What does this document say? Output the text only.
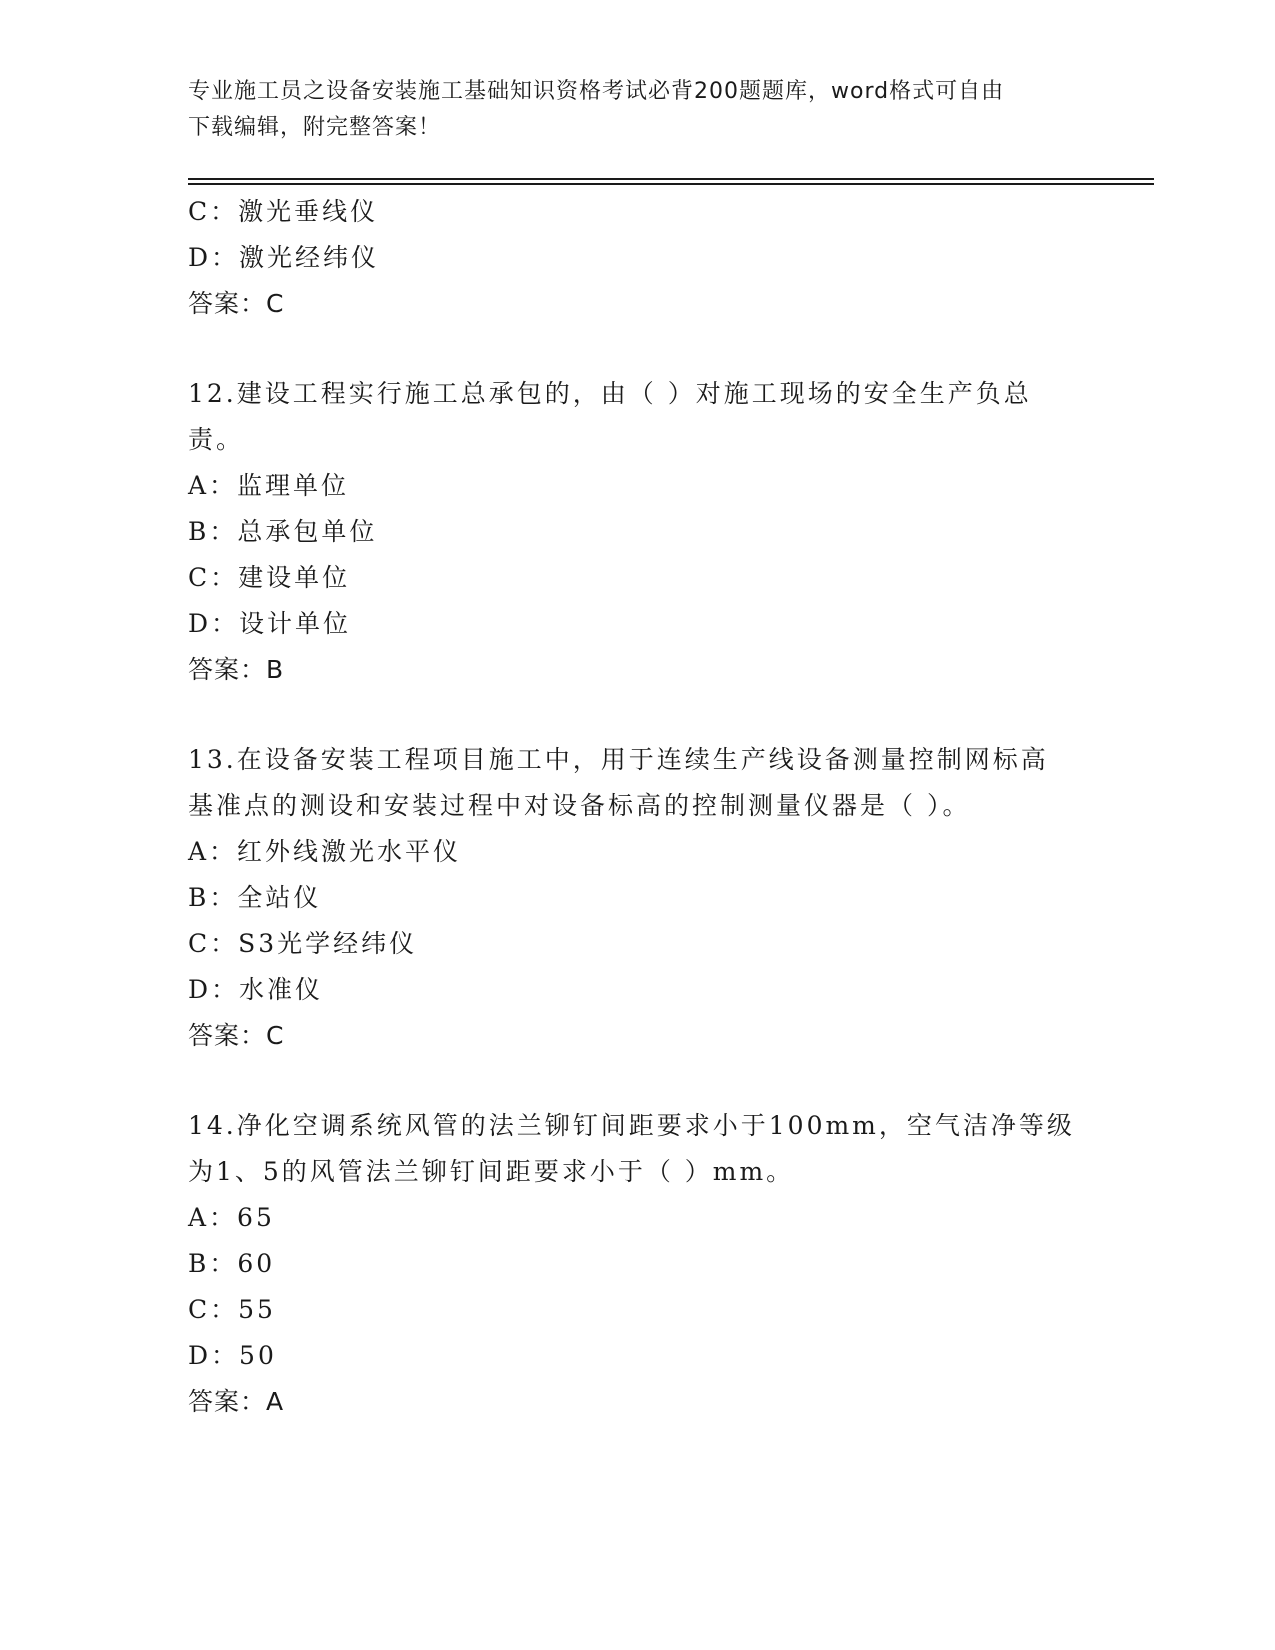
专业施工员之设备安装施工基础知识资格考试必背200题题库，word格式可自由
下载编辑，附完整答案！
C：激光垂线仪
D：激光经纬仪
答案：C
12.建设工程实行施工总承包的，由（ ）对施工现场的安全生产负总
责。
A：监理单位
B：总承包单位
C：建设单位
D：设计单位
答案：B
13.在设备安装工程项目施工中，用于连续生产线设备测量控制网标高
基准点的测设和安装过程中对设备标高的控制测量仪器是（ ）。
A：红外线激光水平仪
B：全站仪
C：S3光学经纬仪
D：水准仪
答案：C
14.净化空调系统风管的法兰铆钉间距要求小于100mm，空气洁净等级
为1、5的风管法兰铆钉间距要求小于（ ）mm。
A：65
B：60
C：55
D：50
答案：A
